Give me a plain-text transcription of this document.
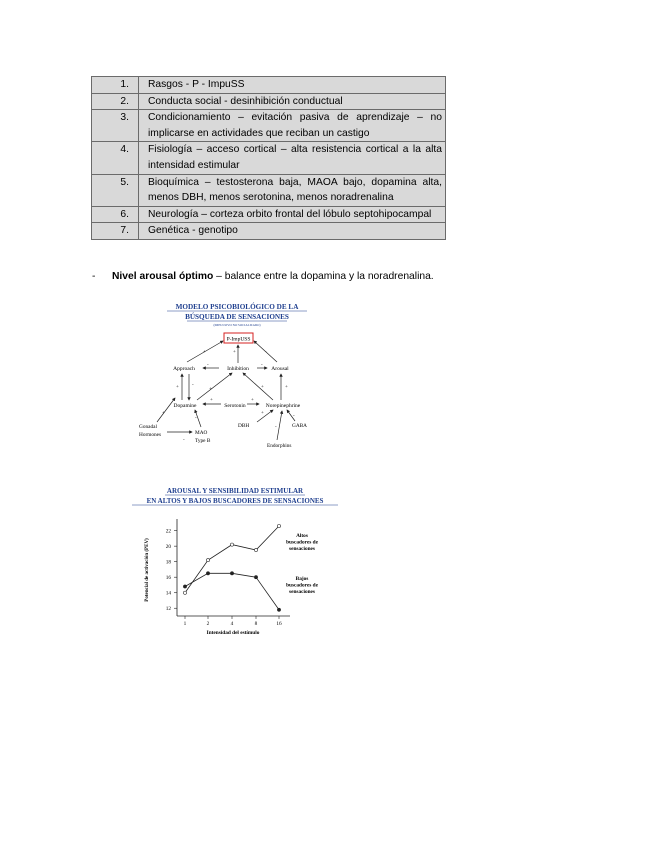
1.	Rasgos - P - ImpuSS
2.	Conducta social - desinhibición conductual
3.	Condicionamiento – evitación pasiva de aprendizaje – no implicarse en actividades que reciban un castigo
4.	Fisiología – acceso cortical – alta resistencia cortical a la alta intensidad estimular
5.	Bioquímica – testosterona baja, MAOA bajo, dopamina alta, menos DBH, menos serotonina, menos noradrenalina
6.	Neurología – corteza orbito frontal del lóbulo septohipocampal
7.	Genética - genotipo
- Nivel arousal óptimo – balance entre la dopamina y la noradrenalina.
MODELO PSICOBIOLÓGICO DE LA
BÚSQUEDA DE SENSACIONES
(IMPULSIVO NO SOCIALIZADO)
P-ImpUSS
Approach	Inhibition	Arousal
Dopamine	Serotonin	Norepinephrine
Gonadal
Hormones	MAO
Type B
DBH	GABA
Endorphins
+	+	-
-	-
+	-
+	+	+
+	+
+
-
+
-
-
-
AROUSAL Y SENSIBILIDAD ESTIMULAR
EN ALTOS Y BAJOS BUSCADORES DE SENSACIONES
Potencial de activación (PEV)
Intensidad del estímulo
12
14
16
18
20
22
1	2	4	8	16
Altos
buscadores de
sensaciones
Bajos
buscadores de
sensaciones
